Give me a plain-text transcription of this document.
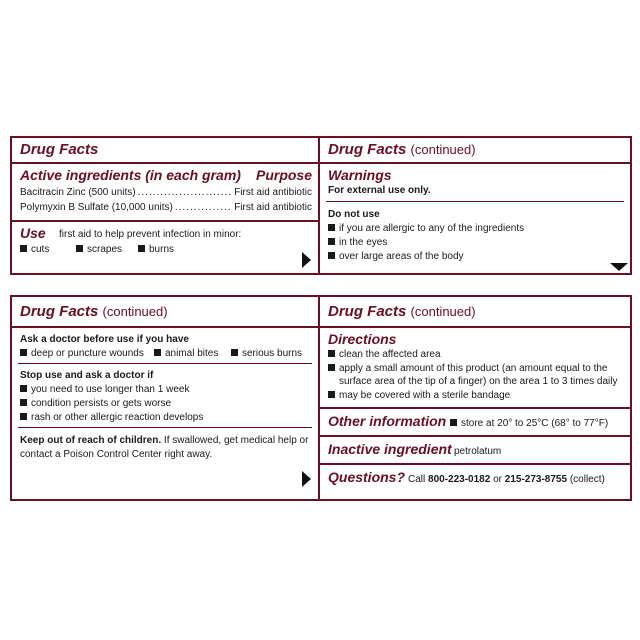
Drug Facts
Active ingredients (in each gram) Purpose
Bacitracin Zinc (500 units) .....	First aid antibiotic
Polymyxin B Sulfate (10,000 units) .....	First aid antibiotic
Use first aid to help prevent infection in minor:
cuts	scrapes	burns
Drug Facts (continued)
Warnings
For external use only.
Do not use
if you are allergic to any of the ingredients
in the eyes
over large areas of the body
Drug Facts (continued)
Ask a doctor before use if you have
deep or puncture wounds	animal bites	serious burns
Stop use and ask a doctor if
you need to use longer than 1 week
condition persists or gets worse
rash or other allergic reaction develops
Keep out of reach of children. If swallowed, get medical help or
contact a Poison Control Center right away.
Drug Facts (continued)
Directions
clean the affected area
apply a small amount of this product (an amount equal to the
surface area of the tip of a finger) on the area 1 to 3 times daily
may be covered with a sterile bandage
Other information	store at 20° to 25°C (68° to 77°F)
Inactive ingredient petrolatum
Questions? Call 800-223-0182 or 215-273-8755 (collect)
